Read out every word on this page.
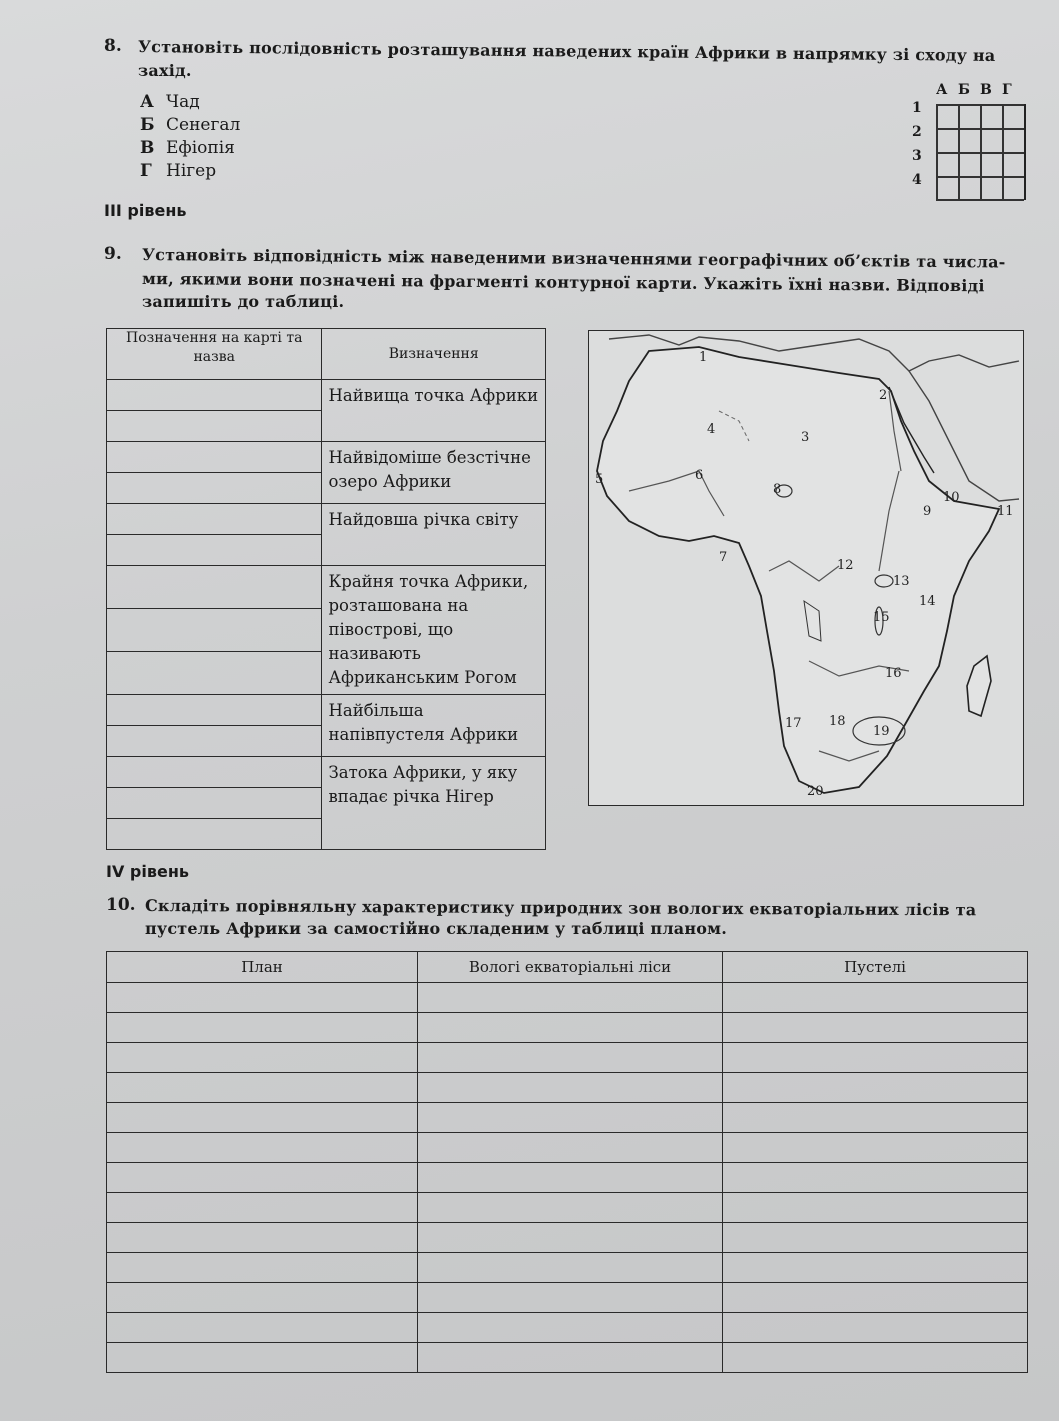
8. Установіть послідовність розташування наведених країн Африки в напрямку зі сходу на
захід.
А Чад
Б Сенегал
В Ефіопія
Г Нігер
А Б В Г
1
2
3
4
III рівень
9. Установіть відповідність між наведеними визначеннями географічних об’єктів та числа-
ми, якими вони позначені на фрагменті контурної карти. Укажіть їхні назви. Відповіді
запишіть до таблиці.
Позначення на карті та назва	Визначення
	Найвища точка Африки

	Найвідоміше безстічне озеро Африки

	Найдовша річка світу

	Крайня точка Африки, розташована на півострові, що називають Африканським Рогом

	Найбільша напівпустеля Африки

	Затока Африки, у яку впадає річка Нігер

1
2
3
4
5	6
7
8
9
10
11
12
13
14
15
16
17 18
19
20
IV рівень
10. Складіть порівняльну характеристику природних зон вологих екваторіальних лісів та
пустель Африки за самостійно складеним у таблиці планом.
План	Вологі екваторіальні ліси	Пустелі
